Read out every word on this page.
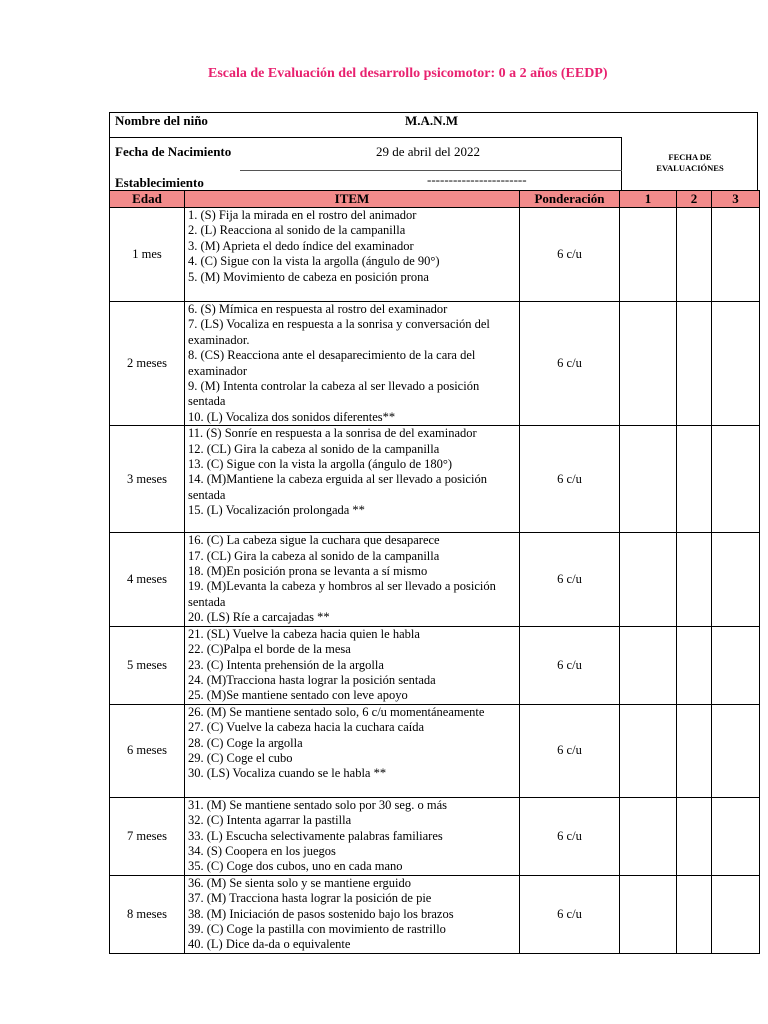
Escala de Evaluación del desarrollo psicomotor: 0 a 2 años (EEDP)
Nombre del niño	M.A.N.M
Fecha de Nacimiento	29 de abril del 2022
Establecimiento	-----------------------
FECHA DE
EVALUACIÓNES
Edad	ITEM	Ponderación	1	2	3
1 mes	1. (S) Fija la mirada en el rostro del animador
2. (L) Reacciona al sonido de la campanilla
3. (M) Aprieta el dedo índice del examinador
4. (C) Sigue con la vista la argolla (ángulo de 90°)
5. (M) Movimiento de cabeza en posición prona	6 c/u			
2 meses	6. (S) Mímica en respuesta al rostro del examinador
7. (LS) Vocaliza en respuesta a la sonrisa y conversación del examinador.
8. (CS) Reacciona ante el desaparecimiento de la cara del examinador
9. (M) Intenta controlar la cabeza al ser llevado a posición sentada
10. (L) Vocaliza dos sonidos diferentes**	6 c/u			
3 meses	11. (S) Sonríe en respuesta a la sonrisa de del examinador
12. (CL) Gira la cabeza al sonido de la campanilla
13. (C) Sigue con la vista la argolla (ángulo de 180°)
14. (M)Mantiene la cabeza erguida al ser llevado a posición sentada
15. (L) Vocalización prolongada **	6 c/u			
4 meses	16. (C) La cabeza sigue la cuchara que desaparece
17. (CL) Gira la cabeza al sonido de la campanilla
18. (M)En posición prona se levanta a sí mismo
19. (M)Levanta la cabeza y hombros al ser llevado a posición sentada
20. (LS) Ríe a carcajadas **	6 c/u			
5 meses	21. (SL) Vuelve la cabeza hacia quien le habla
22. (C)Palpa el borde de la mesa
23. (C) Intenta prehensión de la argolla
24. (M)Tracciona hasta lograr la posición sentada
25. (M)Se mantiene sentado con leve apoyo	6 c/u			
6 meses	26. (M) Se mantiene sentado solo, 6 c/u momentáneamente
27. (C) Vuelve la cabeza hacia la cuchara caída
28. (C) Coge la argolla
29. (C) Coge el cubo
30. (LS) Vocaliza cuando se le habla **	6 c/u			
7 meses	31. (M) Se mantiene sentado solo por 30 seg. o más
32. (C) Intenta agarrar la pastilla
33. (L) Escucha selectivamente palabras familiares
34. (S) Coopera en los juegos
35. (C) Coge dos cubos, uno en cada mano	6 c/u			
8 meses	36. (M) Se sienta solo y se mantiene erguido
37. (M) Tracciona hasta lograr la posición de pie
38. (M) Iniciación de pasos sostenido bajo los brazos
39. (C) Coge la pastilla con movimiento de rastrillo
40. (L) Dice da-da o equivalente	6 c/u			
